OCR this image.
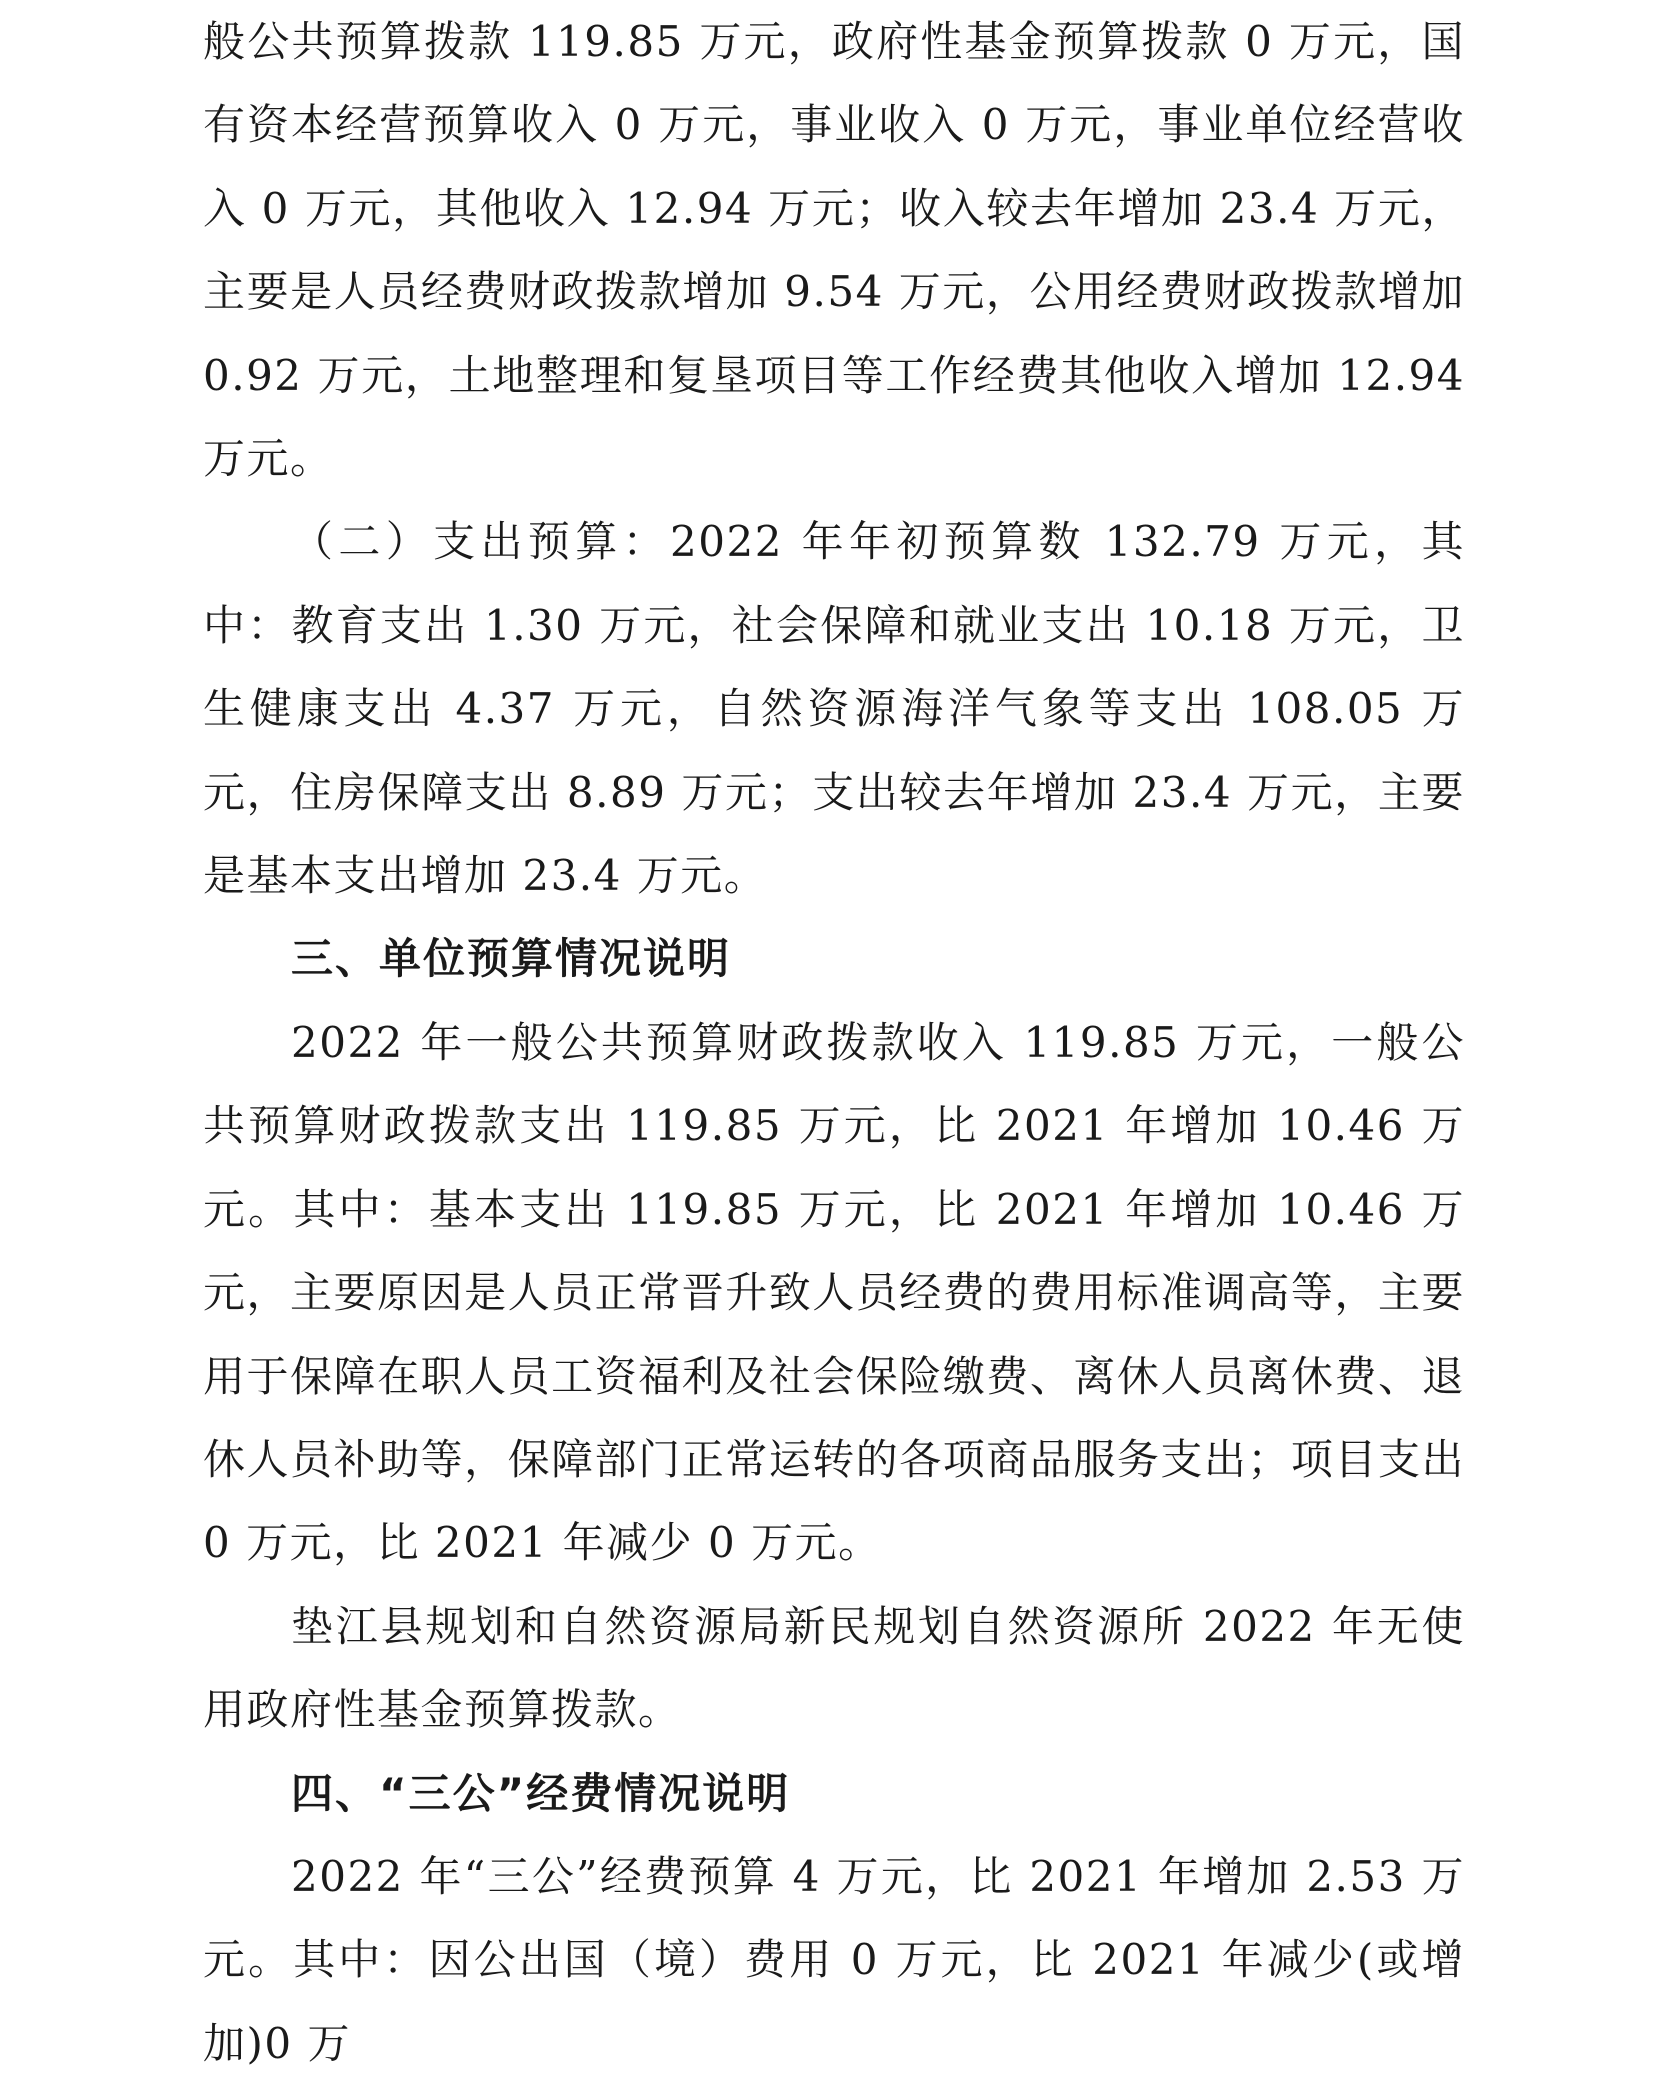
般公共预算拨款 119.85 万元，政府性基金预算拨款 0 万元，国有资本经营预算收入 0 万元，事业收入 0 万元，事业单位经营收入 0 万元，其他收入 12.94 万元；收入较去年增加 23.4 万元，主要是人员经费财政拨款增加 9.54 万元，公用经费财政拨款增加 0.92 万元，土地整理和复垦项目等工作经费其他收入增加 12.94 万元。

（二）支出预算：2022 年年初预算数 132.79 万元，其中：教育支出 1.30 万元，社会保障和就业支出 10.18 万元，卫生健康支出 4.37 万元，自然资源海洋气象等支出 108.05 万元，住房保障支出 8.89 万元；支出较去年增加 23.4 万元，主要是基本支出增加 23.4 万元。

三、单位预算情况说明

2022 年一般公共预算财政拨款收入 119.85 万元，一般公共预算财政拨款支出 119.85 万元，比 2021 年增加 10.46 万元。其中：基本支出 119.85 万元，比 2021 年增加 10.46 万元，主要原因是人员正常晋升致人员经费的费用标准调高等，主要用于保障在职人员工资福利及社会保险缴费、离休人员离休费、退休人员补助等，保障部门正常运转的各项商品服务支出；项目支出 0 万元，比 2021 年减少 0 万元。

垫江县规划和自然资源局新民规划自然资源所 2022 年无使用政府性基金预算拨款。

四、“三公”经费情况说明

2022 年“三公”经费预算 4 万元，比 2021 年增加 2.53 万元。其中：因公出国（境）费用 0 万元，比 2021 年减少(或增加)0 万
